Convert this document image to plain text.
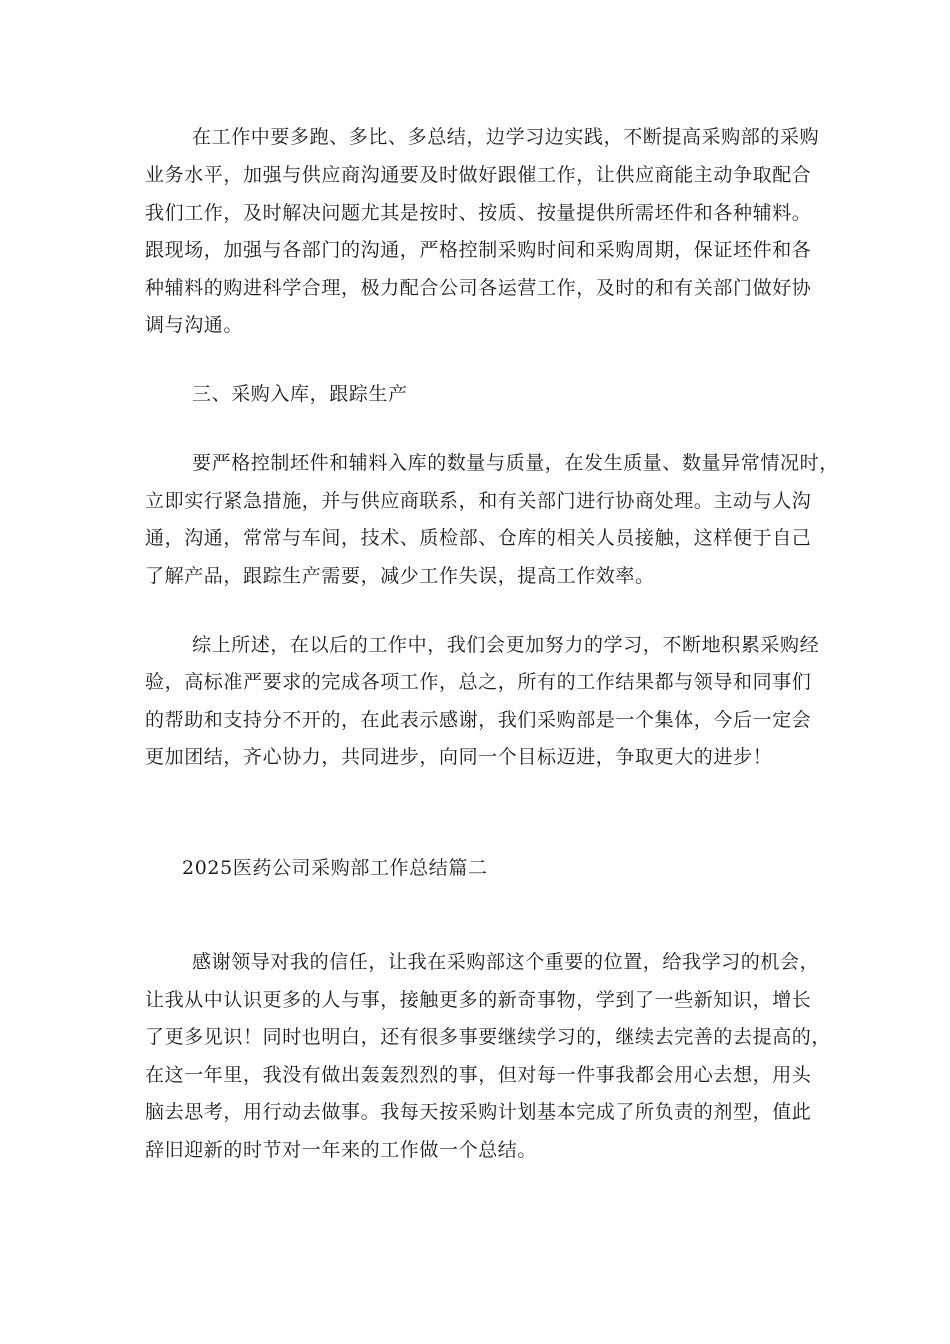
在工作中要多跑、多比、多总结，边学习边实践，不断提高采购部的采购
业务水平，加强与供应商沟通要及时做好跟催工作，让供应商能主动争取配合
我们工作，及时解决问题尤其是按时、按质、按量提供所需坯件和各种辅料。
跟现场，加强与各部门的沟通，严格控制采购时间和采购周期，保证坯件和各
种辅料的购进科学合理，极力配合公司各运营工作，及时的和有关部门做好协
调与沟通。
三、采购入库，跟踪生产
要严格控制坯件和辅料入库的数量与质量，在发生质量、数量异常情况时，
立即实行紧急措施，并与供应商联系，和有关部门进行协商处理。主动与人沟
通，沟通，常常与车间，技术、质检部、仓库的相关人员接触，这样便于自己
了解产品，跟踪生产需要，减少工作失误，提高工作效率。
综上所述，在以后的工作中，我们会更加努力的学习，不断地积累采购经
验，高标准严要求的完成各项工作，总之，所有的工作结果都与领导和同事们
的帮助和支持分不开的，在此表示感谢，我们采购部是一个集体，今后一定会
更加团结，齐心协力，共同进步，向同一个目标迈进，争取更大的进步！
2025医药公司采购部工作总结篇二
感谢领导对我的信任，让我在采购部这个重要的位置，给我学习的机会，
让我从中认识更多的人与事，接触更多的新奇事物，学到了一些新知识，增长
了更多见识！同时也明白，还有很多事要继续学习的，继续去完善的去提高的，
在这一年里，我没有做出轰轰烈烈的事，但对每一件事我都会用心去想，用头
脑去思考，用行动去做事。我每天按采购计划基本完成了所负责的剂型，值此
辞旧迎新的时节对一年来的工作做一个总结。
